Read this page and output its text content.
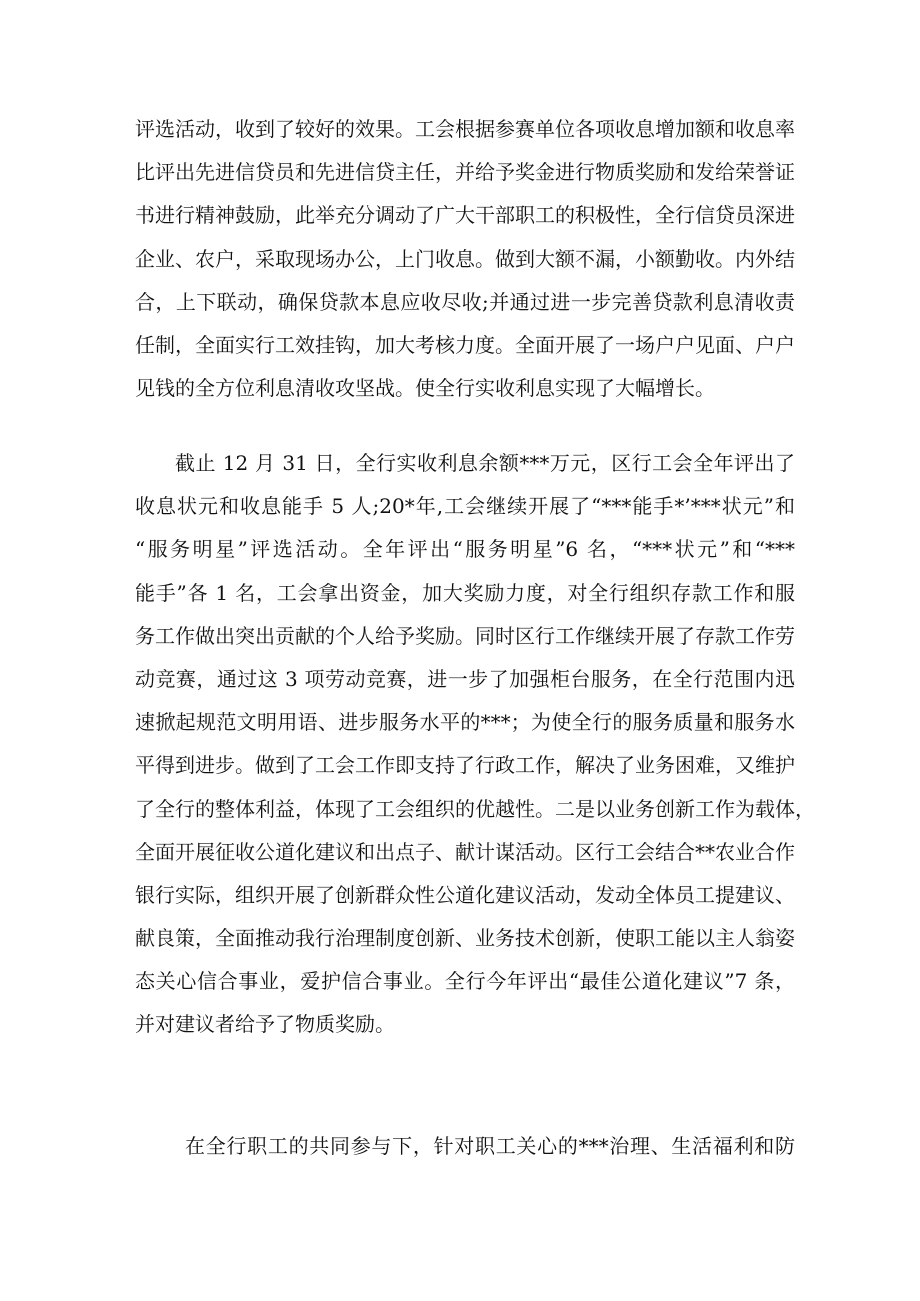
评选活动，收到了较好的效果。工会根据参赛单位各项收息增加额和收息率
比评出先进信贷员和先进信贷主任，并给予奖金进行物质奖励和发给荣誉证
书进行精神鼓励，此举充分调动了广大干部职工的积极性，全行信贷员深进
企业、农户，采取现场办公，上门收息。做到大额不漏，小额勤收。内外结
合，上下联动，确保贷款本息应收尽收;并通过进一步完善贷款利息清收责
任制，全面实行工效挂钩，加大考核力度。全面开展了一场户户见面、户户
见钱的全方位利息清收攻坚战。使全行实收利息实现了大幅增长。
截止 12 月 31 日，全行实收利息余额***万元，区行工会全年评出了
收息状元和收息能手 5 人;20*年,工会继续开展了“***能手*’***状元”和
“服务明星”评选活动。全年评出“服务明星”6 名，“***状元”和“***
能手”各 1 名，工会拿出资金，加大奖励力度，对全行组织存款工作和服
务工作做出突出贡献的个人给予奖励。同时区行工作继续开展了存款工作劳
动竞赛，通过这 3 项劳动竞赛，进一步了加强柜台服务，在全行范围内迅
速掀起规范文明用语、进步服务水平的***；为使全行的服务质量和服务水
平得到进步。做到了工会工作即支持了行政工作，解决了业务困难，又维护
了全行的整体利益，体现了工会组织的优越性。二是以业务创新工作为载体，
全面开展征收公道化建议和出点子、献计谋活动。区行工会结合**农业合作
银行实际，组织开展了创新群众性公道化建议活动，发动全体员工提建议、
献良策，全面推动我行治理制度创新、业务技术创新，使职工能以主人翁姿
态关心信合事业，爱护信合事业。全行今年评出“最佳公道化建议”7 条，
并对建议者给予了物质奖励。
在全行职工的共同参与下，针对职工关心的***治理、生活福利和防
